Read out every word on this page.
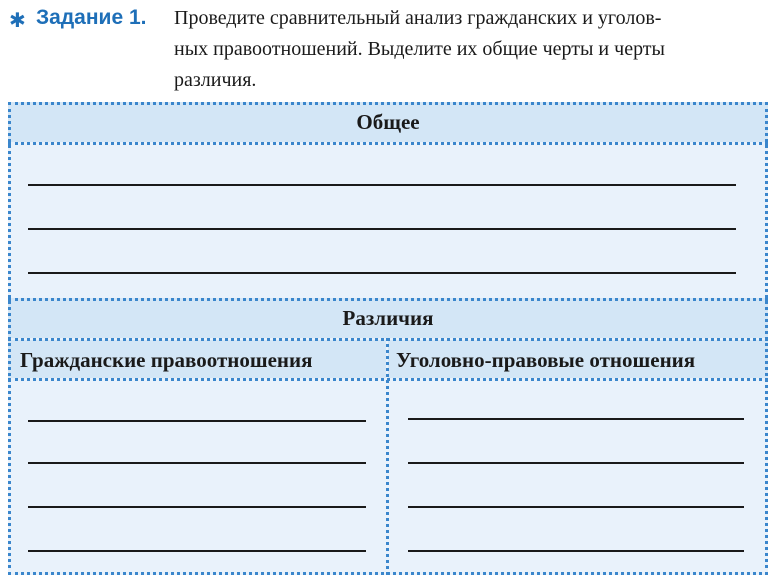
✱ Задание 1. Проведите сравнительный анализ гражданских и уголов-
ных правоотношений. Выделите их общие черты и черты
различия.
Общее
Различия
Гражданские правоотношения	Уголовно-правовые отношения
